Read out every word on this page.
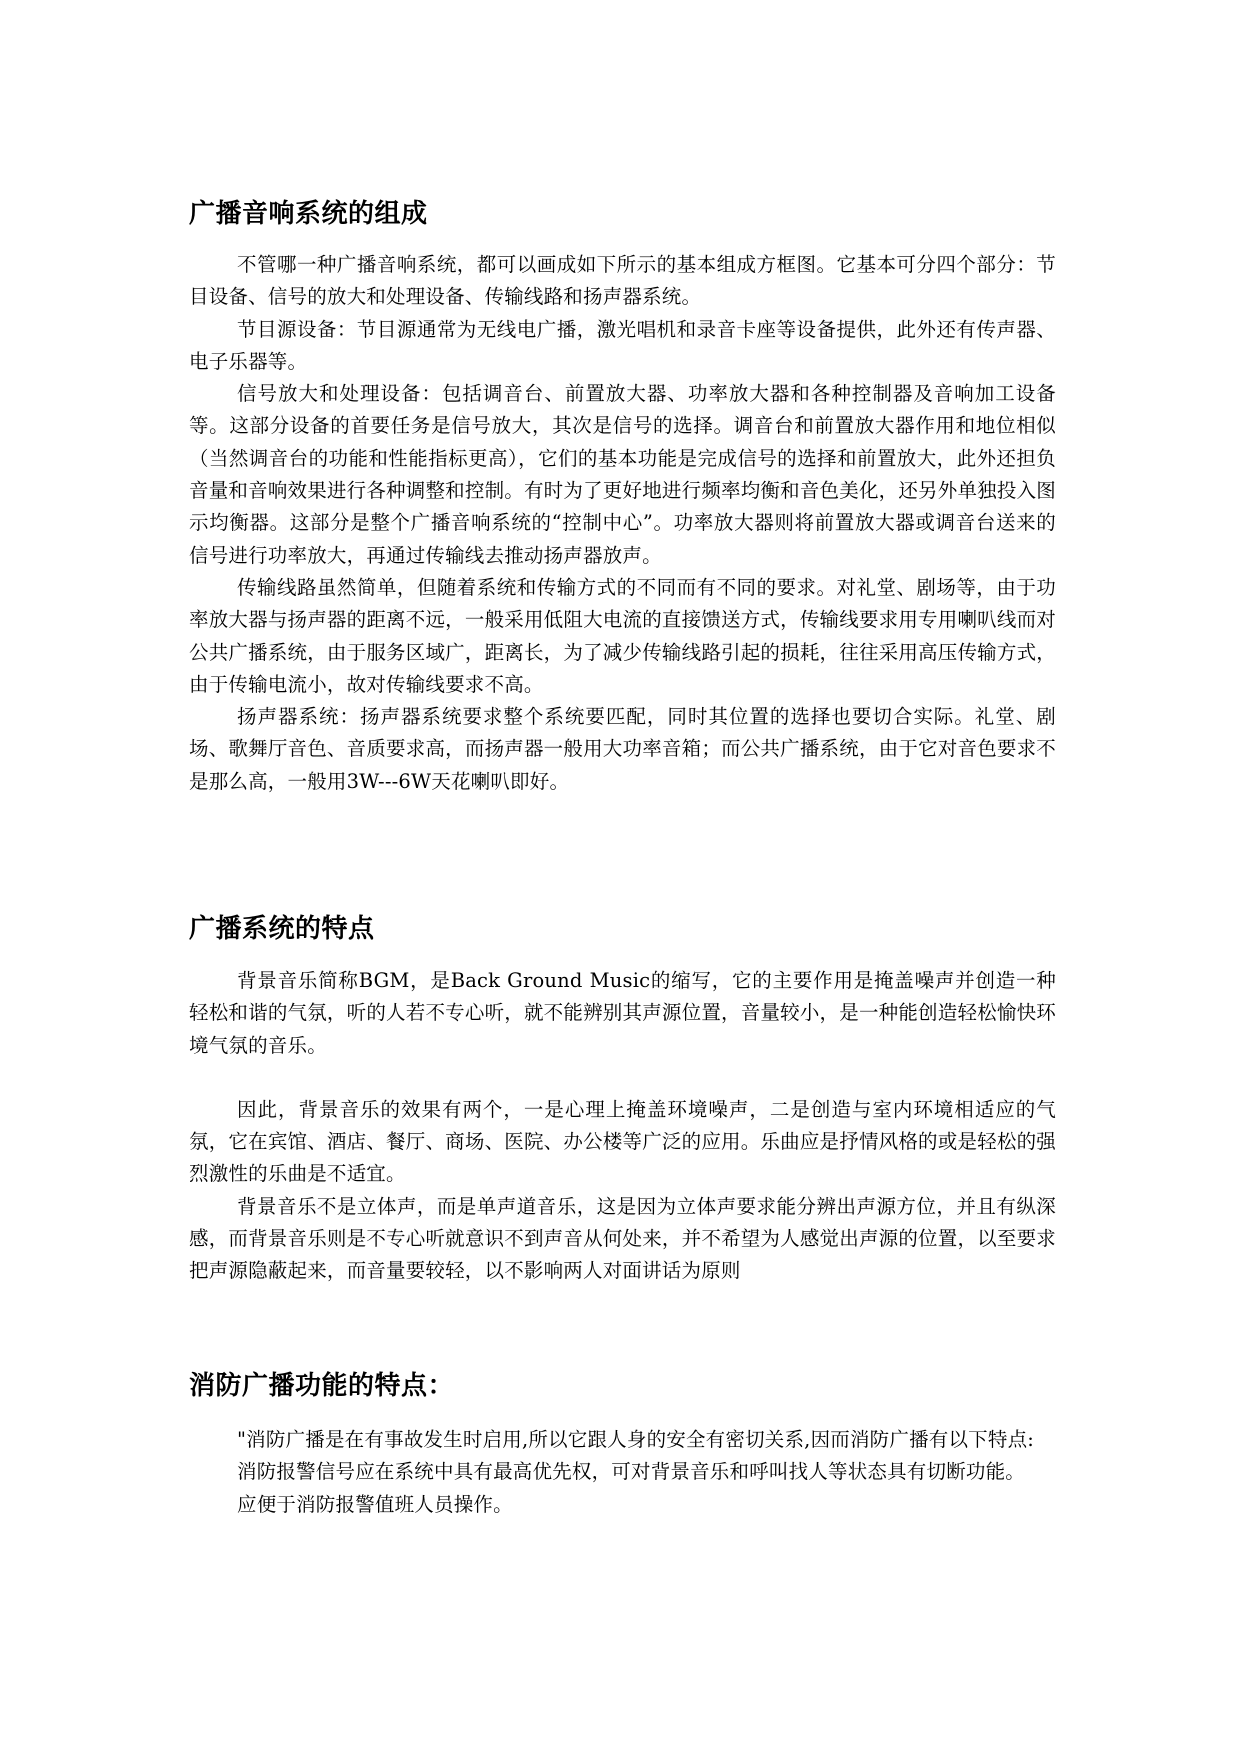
广播音响系统的组成

不管哪一种广播音响系统，都可以画成如下所示的基本组成方框图。它基本可分四个部分：节目设备、信号的放大和处理设备、传输线路和扬声器系统。

节目源设备：节目源通常为无线电广播，激光唱机和录音卡座等设备提供，此外还有传声器、电子乐器等。

信号放大和处理设备：包括调音台、前置放大器、功率放大器和各种控制器及音响加工设备等。这部分设备的首要任务是信号放大，其次是信号的选择。调音台和前置放大器作用和地位相似（当然调音台的功能和性能指标更高），它们的基本功能是完成信号的选择和前置放大，此外还担负音量和音响效果进行各种调整和控制。有时为了更好地进行频率均衡和音色美化，还另外单独投入图示均衡器。这部分是整个广播音响系统的“控制中心”。功率放大器则将前置放大器或调音台送来的信号进行功率放大，再通过传输线去推动扬声器放声。

传输线路虽然简单，但随着系统和传输方式的不同而有不同的要求。对礼堂、剧场等，由于功率放大器与扬声器的距离不远，一般采用低阻大电流的直接馈送方式，传输线要求用专用喇叭线而对公共广播系统，由于服务区域广，距离长，为了减少传输线路引起的损耗，往往采用高压传输方式，由于传输电流小，故对传输线要求不高。

扬声器系统：扬声器系统要求整个系统要匹配，同时其位置的选择也要切合实际。礼堂、剧场、歌舞厅音色、音质要求高，而扬声器一般用大功率音箱；而公共广播系统，由于它对音色要求不是那么高，一般用3W---6W天花喇叭即好。

广播系统的特点

背景音乐简称BGM，是Back Ground Music的缩写，它的主要作用是掩盖噪声并创造一种轻松和谐的气氛，听的人若不专心听，就不能辨别其声源位置，音量较小，是一种能创造轻松愉快环境气氛的音乐。

因此，背景音乐的效果有两个，一是心理上掩盖环境噪声，二是创造与室内环境相适应的气氛，它在宾馆、酒店、餐厅、商场、医院、办公楼等广泛的应用。乐曲应是抒情风格的或是轻松的强烈激性的乐曲是不适宜。

背景音乐不是立体声，而是单声道音乐，这是因为立体声要求能分辨出声源方位，并且有纵深感，而背景音乐则是不专心听就意识不到声音从何处来，并不希望为人感觉出声源的位置，以至要求把声源隐蔽起来，而音量要较轻，以不影响两人对面讲话为原则

消防广播功能的特点：

"消防广播是在有事故发生时启用,所以它跟人身的安全有密切关系,因而消防广播有以下特点:

消防报警信号应在系统中具有最高优先权，可对背景音乐和呼叫找人等状态具有切断功能。

应便于消防报警值班人员操作。
